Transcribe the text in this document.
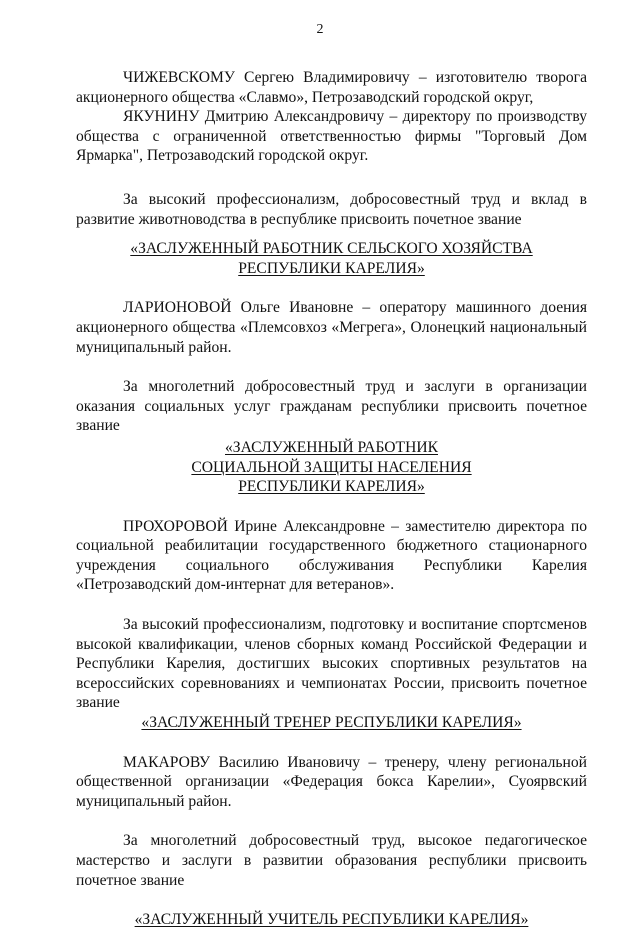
2

ЧИЖЕВСКОМУ Сергею Владимировичу – изготовителю творога акционерного общества «Славмо», Петрозаводский городской округ,

ЯКУНИНУ Дмитрию Александровичу – директору по производству общества с ограниченной ответственностью фирмы "Торговый Дом Ярмарка", Петрозаводский городской округ.

За высокий профессионализм, добросовестный труд и вклад в развитие животноводства в республике присвоить почетное звание

«ЗАСЛУЖЕННЫЙ РАБОТНИК СЕЛЬСКОГО ХОЗЯЙСТВА
РЕСПУБЛИКИ КАРЕЛИЯ»

ЛАРИОНОВОЙ Ольге Ивановне – оператору машинного доения акционерного общества «Племсовхоз «Мегрега», Олонецкий национальный муниципальный район.

За многолетний добросовестный труд и заслуги в организации оказания социальных услуг гражданам республики присвоить почетное звание

«ЗАСЛУЖЕННЫЙ РАБОТНИК
СОЦИАЛЬНОЙ ЗАЩИТЫ НАСЕЛЕНИЯ
РЕСПУБЛИКИ КАРЕЛИЯ»

ПРОХОРОВОЙ Ирине Александровне – заместителю директора по социальной реабилитации государственного бюджетного стационарного учреждения социального обслуживания Республики Карелия «Петрозаводский дом-интернат для ветеранов».

За высокий профессионализм, подготовку и воспитание спортсменов высокой квалификации, членов сборных команд Российской Федерации и Республики Карелия, достигших высоких спортивных результатов на всероссийских соревнованиях и чемпионатах России, присвоить почетное звание

«ЗАСЛУЖЕННЫЙ ТРЕНЕР РЕСПУБЛИКИ КАРЕЛИЯ»

МАКАРОВУ Василию Ивановичу – тренеру, члену региональной общественной организации «Федерация бокса Карелии», Суоярвский муниципальный район.

За многолетний добросовестный труд, высокое педагогическое мастерство и заслуги в развитии образования республики присвоить почетное звание

«ЗАСЛУЖЕННЫЙ УЧИТЕЛЬ РЕСПУБЛИКИ КАРЕЛИЯ»
